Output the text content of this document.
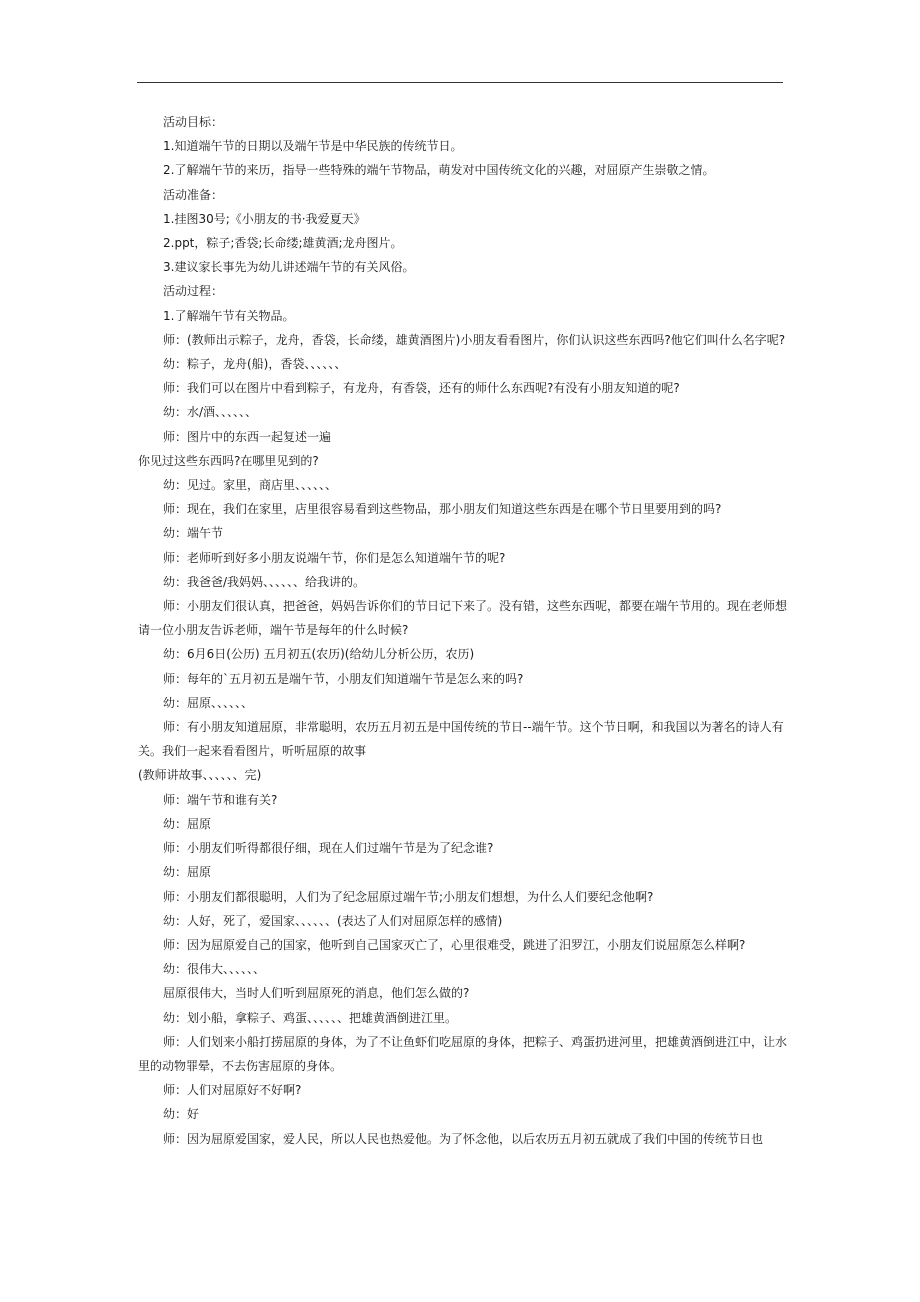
活动目标：

1.知道端午节的日期以及端午节是中华民族的传统节日。

2.了解端午节的来历，指导一些特殊的端午节物品，萌发对中国传统文化的兴趣，对屈原产生崇敬之情。

活动准备：

1.挂图30号;《小朋友的书·我爱夏天》

2.ppt，粽子;香袋;长命缕;雄黄酒;龙舟图片。

3.建议家长事先为幼儿讲述端午节的有关风俗。

活动过程：

1.了解端午节有关物品。

师：(教师出示粽子，龙舟，香袋，长命缕，雄黄酒图片)小朋友看看图片，你们认识这些东西吗?他它们叫什么名字呢?

幼：粽子，龙舟(船)，香袋、、、、、、

师：我们可以在图片中看到粽子，有龙舟，有香袋，还有的师什么东西呢?有没有小朋友知道的呢?

幼：水/酒、、、、、、

师：图片中的东西一起复述一遍

你见过这些东西吗?在哪里见到的?

幼：见过。家里，商店里、、、、、、

师：现在，我们在家里，店里很容易看到这些物品，那小朋友们知道这些东西是在哪个节日里要用到的吗?

幼：端午节

师：老师听到好多小朋友说端午节，你们是怎么知道端午节的呢?

幼：我爸爸/我妈妈、、、、、、给我讲的。

师：小朋友们很认真，把爸爸，妈妈告诉你们的节日记下来了。没有错，这些东西呢，都要在端午节用的。现在老师想请一位小朋友告诉老师，端午节是每年的什么时候?

幼：6月6日(公历) 五月初五(农历)(给幼儿分析公历，农历)

师：每年的`五月初五是端午节，小朋友们知道端午节是怎么来的吗?

幼：屈原、、、、、、

师：有小朋友知道屈原，非常聪明，农历五月初五是中国传统的节日--端午节。这个节日啊，和我国以为著名的诗人有关。我们一起来看看图片，听听屈原的故事

(教师讲故事、、、、、、完)

师：端午节和谁有关?

幼：屈原

师：小朋友们听得都很仔细，现在人们过端午节是为了纪念谁?

幼：屈原

师：小朋友们都很聪明，人们为了纪念屈原过端午节;小朋友们想想，为什么人们要纪念他啊?

幼：人好，死了，爱国家、、、、、、(表达了人们对屈原怎样的感情)

师：因为屈原爱自己的国家，他听到自己国家灭亡了，心里很难受，跳进了汨罗江，小朋友们说屈原怎么样啊?

幼：很伟大、、、、、、

屈原很伟大，当时人们听到屈原死的消息，他们怎么做的?

幼：划小船，拿粽子、鸡蛋、、、、、、把雄黄酒倒进江里。

师：人们划来小船打捞屈原的身体，为了不让鱼虾们吃屈原的身体，把粽子、鸡蛋扔进河里，把雄黄酒倒进江中，让水里的动物罪晕，不去伤害屈原的身体。

师：人们对屈原好不好啊?

幼：好

师：因为屈原爱国家，爱人民，所以人民也热爱他。为了怀念他，以后农历五月初五就成了我们中国的传统节日也
